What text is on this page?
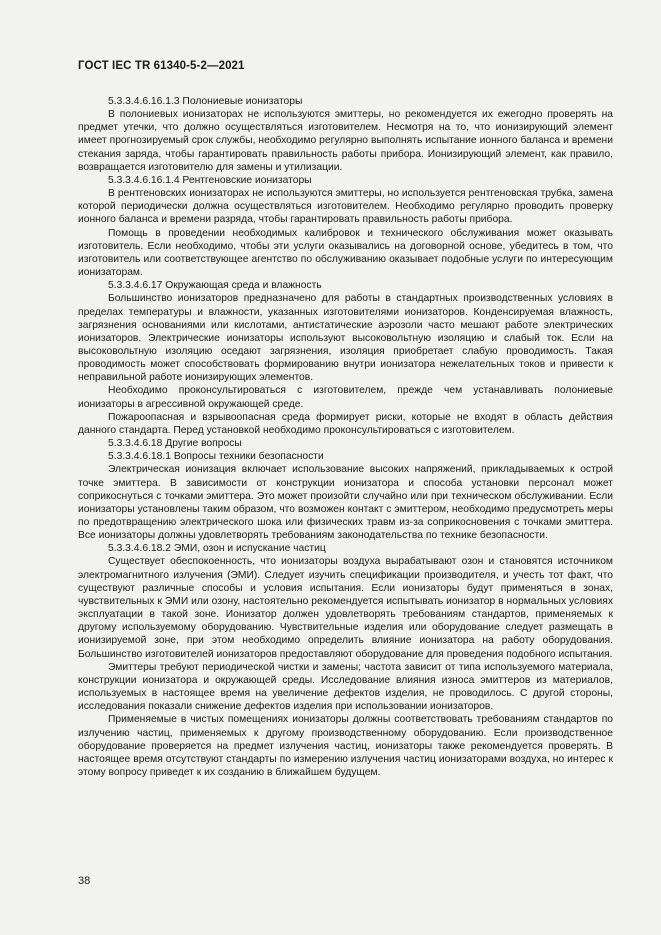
ГОСТ IEC TR 61340-5-2—2021

5.3.3.4.6.16.1.3 Полониевые ионизаторы

В полониевых ионизаторах не используются эмиттеры, но рекомендуется их ежегодно проверять на предмет утечки, что должно осуществляться изготовителем. Несмотря на то, что ионизирующий элемент имеет прогнозируемый срок службы, необходимо регулярно выполнять испытание ионного баланса и времени стекания заряда, чтобы гарантировать правильность работы прибора. Ионизирующий элемент, как правило, возвращается изготовителю для замены и утилизации.

5.3.3.4.6.16.1.4 Рентгеновские ионизаторы

В рентгеновских ионизаторах не используются эмиттеры, но используется рентгеновская трубка, замена которой периодически должна осуществляться изготовителем. Необходимо регулярно проводить проверку ионного баланса и времени разряда, чтобы гарантировать правильность работы прибора.

Помощь в проведении необходимых калибровок и технического обслуживания может оказывать изготовитель. Если необходимо, чтобы эти услуги оказывались на договорной основе, убедитесь в том, что изготовитель или соответствующее агентство по обслуживанию оказывает подобные услуги по интересующим ионизаторам.

5.3.3.4.6.17 Окружающая среда и влажность

Большинство ионизаторов предназначено для работы в стандартных производственных условиях в пределах температуры и влажности, указанных изготовителями ионизаторов. Конденсируемая влажность, загрязнения основаниями или кислотами, антистатические аэрозоли часто мешают работе электрических ионизаторов. Электрические ионизаторы используют высоковольтную изоляцию и слабый ток. Если на высоковольтную изоляцию оседают загрязнения, изоляция приобретает слабую проводимость. Такая проводимость может способствовать формированию внутри ионизатора нежелательных токов и привести к неправильной работе ионизирующих элементов.

Необходимо проконсультироваться с изготовителем, прежде чем устанавливать полониевые ионизаторы в агрессивной окружающей среде.

Пожароопасная и взрывоопасная среда формирует риски, которые не входят в область действия данного стандарта. Перед установкой необходимо проконсультироваться с изготовителем.

5.3.3.4.6.18 Другие вопросы

5.3.3.4.6.18.1 Вопросы техники безопасности

Электрическая ионизация включает использование высоких напряжений, прикладываемых к острой точке эмиттера. В зависимости от конструкции ионизатора и способа установки персонал может соприкоснуться с точками эмиттера. Это может произойти случайно или при техническом обслуживании. Если ионизаторы установлены таким образом, что возможен контакт с эмиттером, необходимо предусмотреть меры по предотвращению электрического шока или физических травм из-за соприкосновения с точками эмиттера. Все ионизаторы должны удовлетворять требованиям законодательства по технике безопасности.

5.3.3.4.6.18.2 ЭМИ, озон и испускание частиц

Существует обеспокоенность, что ионизаторы воздуха вырабатывают озон и становятся источником электромагнитного излучения (ЭМИ). Следует изучить спецификации производителя, и учесть тот факт, что существуют различные способы и условия испытания. Если ионизаторы будут применяться в зонах, чувствительных к ЭМИ или озону, настоятельно рекомендуется испытывать ионизатор в нормальных условиях эксплуатации в такой зоне. Ионизатор должен удовлетворять требованиям стандартов, применяемых к другому используемому оборудованию. Чувствительные изделия или оборудование следует размещать в ионизируемой зоне, при этом необходимо определить влияние ионизатора на работу оборудования. Большинство изготовителей ионизаторов предоставляют оборудование для проведения подобного испытания.

Эмиттеры требуют периодической чистки и замены; частота зависит от типа используемого материала, конструкции ионизатора и окружающей среды. Исследование влияния износа эмиттеров из материалов, используемых в настоящее время на увеличение дефектов изделия, не проводилось. С другой стороны, исследования показали снижение дефектов изделия при использовании ионизаторов.

Применяемые в чистых помещениях ионизаторы должны соответствовать требованиям стандартов по излучению частиц, применяемых к другому производственному оборудованию. Если производственное оборудование проверяется на предмет излучения частиц, ионизаторы также рекомендуется проверять. В настоящее время отсутствуют стандарты по измерению излучения частиц ионизаторами воздуха, но интерес к этому вопросу приведет к их созданию в ближайшем будущем.

38
